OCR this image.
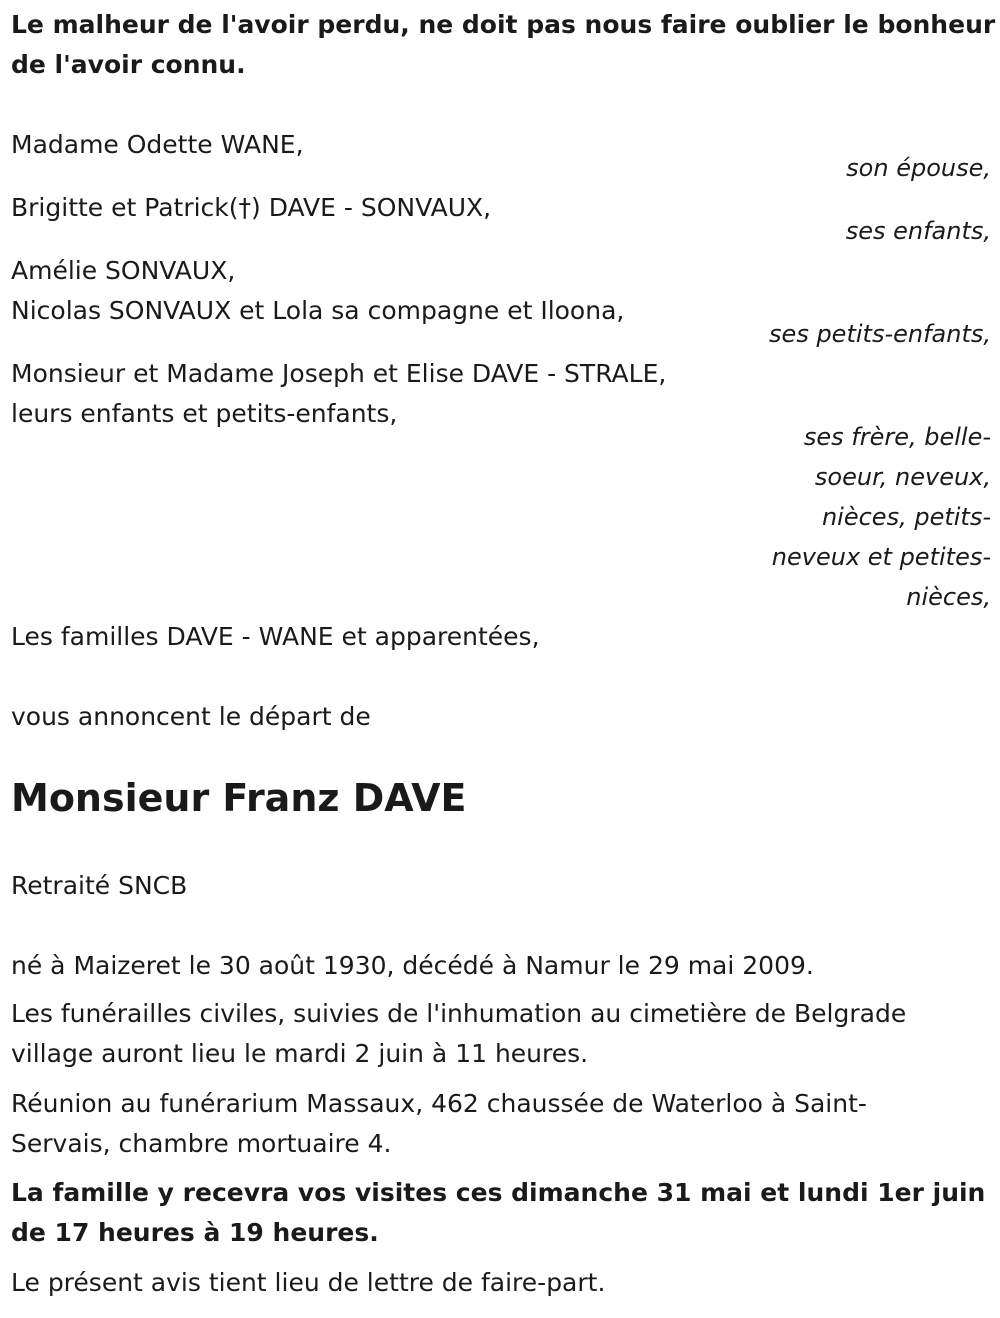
Le malheur de l'avoir perdu, ne doit pas nous faire oublier le bonheur
de l'avoir connu.
Madame Odette WANE,
son épouse,
Brigitte et Patrick(†) DAVE - SONVAUX,
ses enfants,
Amélie SONVAUX,
Nicolas SONVAUX et Lola sa compagne et Iloona,
ses petits-enfants,
Monsieur et Madame Joseph et Elise DAVE - STRALE,
leurs enfants et petits-enfants,
ses frère, belle-
soeur, neveux,
nièces, petits-
neveux et petites-
nièces,
Les familles DAVE - WANE et apparentées,
vous annoncent le départ de
Monsieur Franz DAVE
Retraité SNCB
né à Maizeret le 30 août 1930, décédé à Namur le 29 mai 2009.
Les funérailles civiles, suivies de l'inhumation au cimetière de Belgrade
village auront lieu le mardi 2 juin à 11 heures.
Réunion au funérarium Massaux, 462 chaussée de Waterloo à Saint-
Servais, chambre mortuaire 4.
La famille y recevra vos visites ces dimanche 31 mai et lundi 1er juin
de 17 heures à 19 heures.
Le présent avis tient lieu de lettre de faire-part.
